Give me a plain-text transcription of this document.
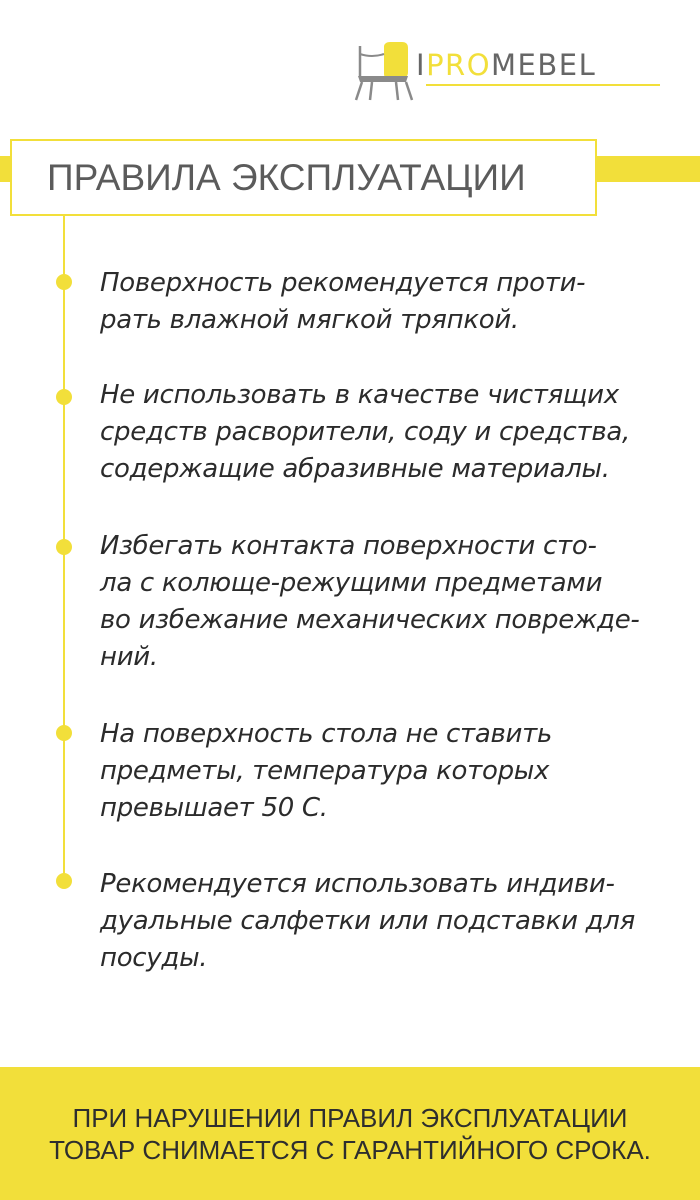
IPROMEBEL
ПРАВИЛА ЭКСПЛУАТАЦИИ
Поверхность рекомендуется проти-
рать влажной мягкой тряпкой.
Не использовать в качестве чистящих
средств расворители, соду и средства,
содержащие абразивные материалы.
Избегать контакта поверхности сто-
ла с колюще-режущими предметами
во избежание механических поврежде-
ний.
На поверхность стола не ставить
предметы, температура которых
превышает 50 С.
Рекомендуется использовать индиви-
дуальные салфетки или подставки для
посуды.
ПРИ НАРУШЕНИИ ПРАВИЛ ЭКСПЛУАТАЦИИ
ТОВАР СНИМАЕТСЯ С ГАРАНТИЙНОГО СРОКА.
